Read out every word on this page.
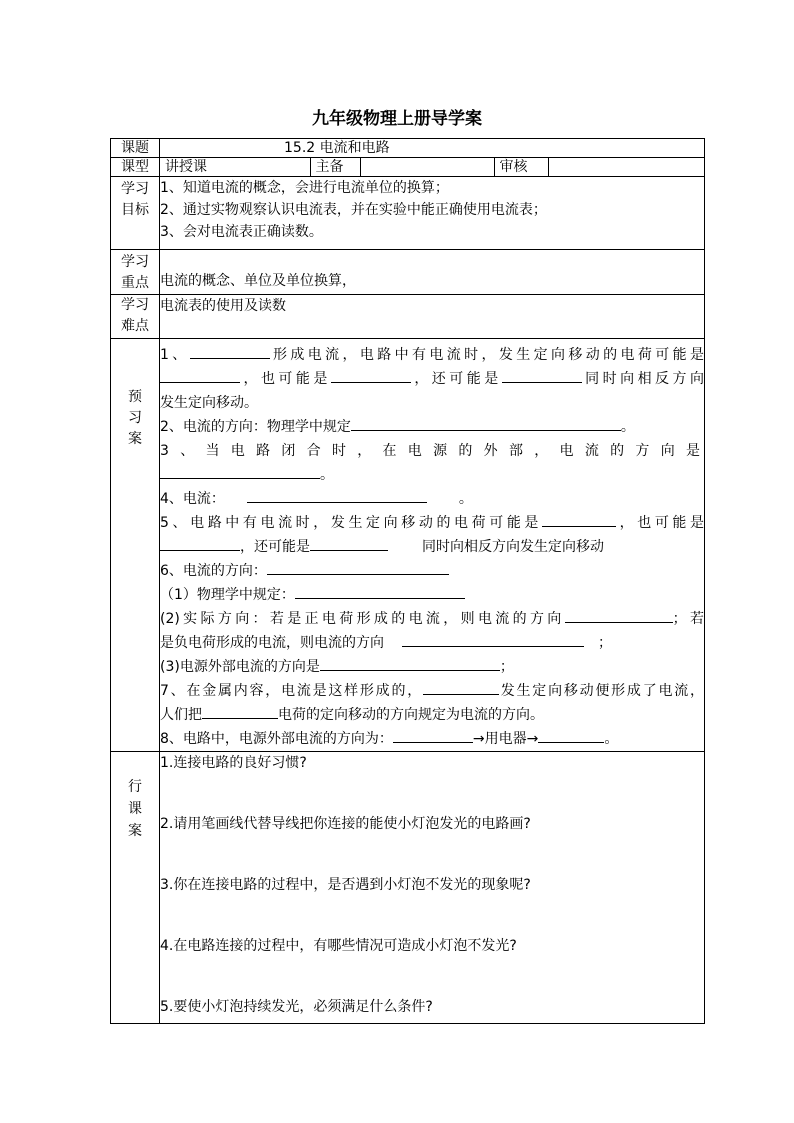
九年级物理上册导学案
课题	15.2 电流和电路
课型	讲授课	主备		审核	

学习目标	

1、知道电流的概念，会进行电流单位的换算；

2、通过实物观察认识电流表，并在实验中能正确使用电流表；

3、会对电流表正确读数。

学习重点	电流的概念、单位及单位换算，
学习难点	电流表的使用及读数
预习案	

1、	形成电流，电路中有电流时，发生定向移动的电荷可能是

，也可能是	，还可能是	同时向相反方向

发生定向移动。

2、电流的方向：物理学中规定	。

3、当电路闭合时，在电源的外部，电流的方向是

。

4、电流：	。

5、电路中有电流时，发生定向移动的电荷可能是	，也可能是

，还可能是	同时向相反方向发生定向移动

6、电流的方向：

（1）物理学中规定：

(2)实际方向：若是正电荷形成的电流，则电流的方向	；若

是负电荷形成的电流，则电流的方向	；

(3)电源外部电流的方向是	；

7、在金属内容，电流是这样形成的，	发生定向移动便形成了电流，

人们把	电荷的定向移动的方向规定为电流的方向。

8、电路中，电源外部电流的方向为：	→用电器→	。

行课案	

1.连接电路的良好习惯?

2.请用笔画线代替导线把你连接的能使小灯泡发光的电路画?

3.你在连接电路的过程中，是否遇到小灯泡不发光的现象呢?

4.在电路连接的过程中，有哪些情况可造成小灯泡不发光?

5.要使小灯泡持续发光，必须满足什么条件?
